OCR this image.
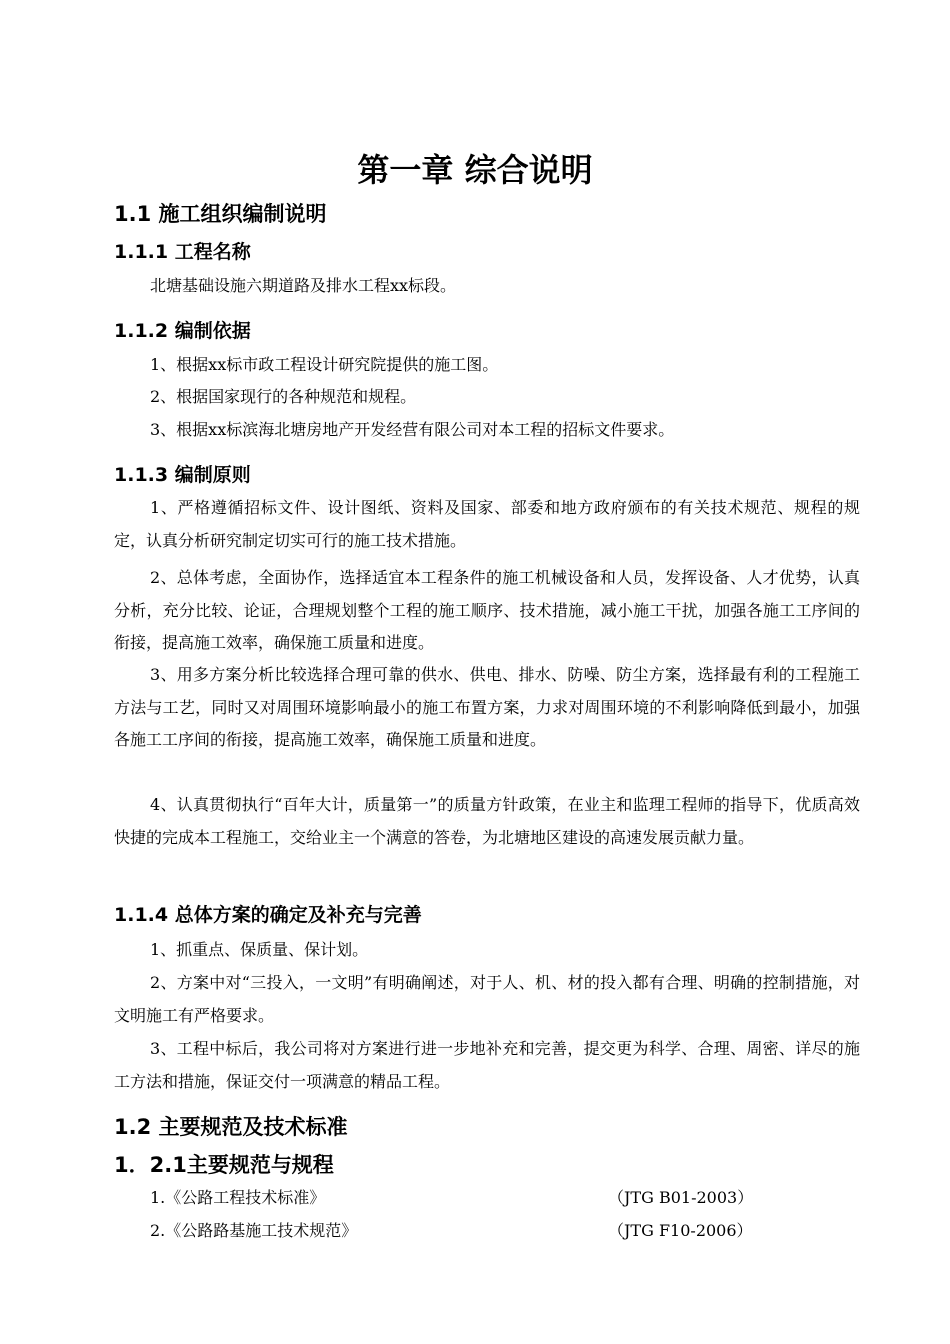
第一章 综合说明
1.1 施工组织编制说明
1.1.1 工程名称
北塘基础设施六期道路及排水工程xx标段。
1.1.2 编制依据
1、根据xx标市政工程设计研究院提供的施工图。
2、根据国家现行的各种规范和规程。
3、根据xx标滨海北塘房地产开发经营有限公司对本工程的招标文件要求。
1.1.3 编制原则
1、严格遵循招标文件、设计图纸、资料及国家、部委和地方政府颁布的有关技术规范、规程的规定，认真分析研究制定切实可行的施工技术措施。
2、总体考虑，全面协作，选择适宜本工程条件的施工机械设备和人员，发挥设备、人才优势，认真分析，充分比较、论证，合理规划整个工程的施工顺序、技术措施，减小施工干扰，加强各施工工序间的衔接，提高施工效率，确保施工质量和进度。
3、用多方案分析比较选择合理可靠的供水、供电、排水、防噪、防尘方案，选择最有利的工程施工方法与工艺，同时又对周围环境影响最小的施工布置方案，力求对周围环境的不利影响降低到最小，加强各施工工序间的衔接，提高施工效率，确保施工质量和进度。
4、认真贯彻执行“百年大计，质量第一”的质量方针政策，在业主和监理工程师的指导下，优质高效快捷的完成本工程施工，交给业主一个满意的答卷，为北塘地区建设的高速发展贡献力量。
1.1.4 总体方案的确定及补充与完善
1、抓重点、保质量、保计划。
2、方案中对“三投入，一文明”有明确阐述，对于人、机、材的投入都有合理、明确的控制措施，对文明施工有严格要求。
3、工程中标后，我公司将对方案进行进一步地补充和完善，提交更为科学、合理、周密、详尽的施工方法和措施，保证交付一项满意的精品工程。
1.2 主要规范及技术标准
1．2.1主要规范与规程
1.《公路工程技术标准》	（JTG B01-2003）
2.《公路路基施工技术规范》	（JTG F10-2006）
